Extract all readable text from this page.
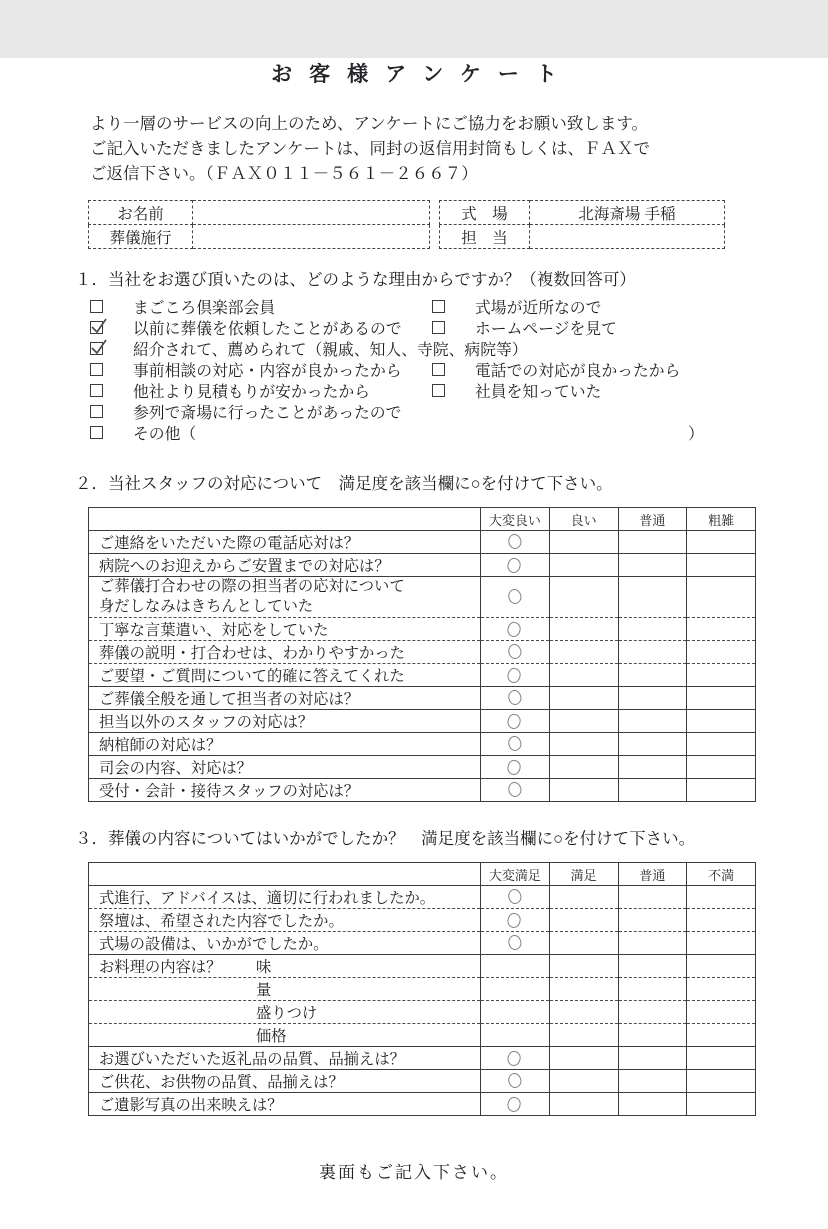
お客様アンケート
より一層のサービスの向上のため、アンケートにご協力をお願い致します。
ご記入いただきましたアンケートは、同封の返信用封筒もしくは、ＦＡＸで
ご返信下さい。（ＦＡＸ０１１－５６１－２６６７）
お名前	
葬儀施行	
式　場	北海斎場 手稲
担　当	
１．当社をお選び頂いたのは、どのような理由からですか？（複数回答可）
まごころ倶楽部会員	式場が近所なので
以前に葬儀を依頼したことがあるので	ホームページを見て
紹介されて、薦められて（親戚、知人、寺院、病院等）
事前相談の対応・内容が良かったから	電話での対応が良かったから
他社より見積もりが安かったから	社員を知っていた
参列で斎場に行ったことがあったので
その他（	）
２．当社スタッフの対応について　満足度を該当欄に○を付けて下さい。
	大変良い	良い	普通	粗雑
ご連絡をいただいた際の電話応対は？				
病院へのお迎えからご安置までの対応は？				

ご葬儀打合わせの際の担当者の応対について
身だしなみはきちんとしていた				

丁寧な言葉遣い、対応をしていた				
葬儀の説明・打合わせは、わかりやすかった				
ご要望・ご質問について的確に答えてくれた				
ご葬儀全般を通して担当者の対応は？				
担当以外のスタッフの対応は？				
納棺師の対応は？				
司会の内容、対応は？				
受付・会計・接待スタッフの対応は？				
３．葬儀の内容についてはいかがでしたか？　満足度を該当欄に○を付けて下さい。
	大変満足	満足	普通	不満
式進行、アドバイスは、適切に行われましたか。				
祭壇は、希望された内容でしたか。				
式場の設備は、いかがでしたか。				
お料理の内容は？ 味				

量				
盛りつけ				
価格				
お選びいただいた返礼品の品質、品揃えは？				
ご供花、お供物の品質、品揃えは？				
ご遺影写真の出来映えは？				
裏面もご記入下さい。
